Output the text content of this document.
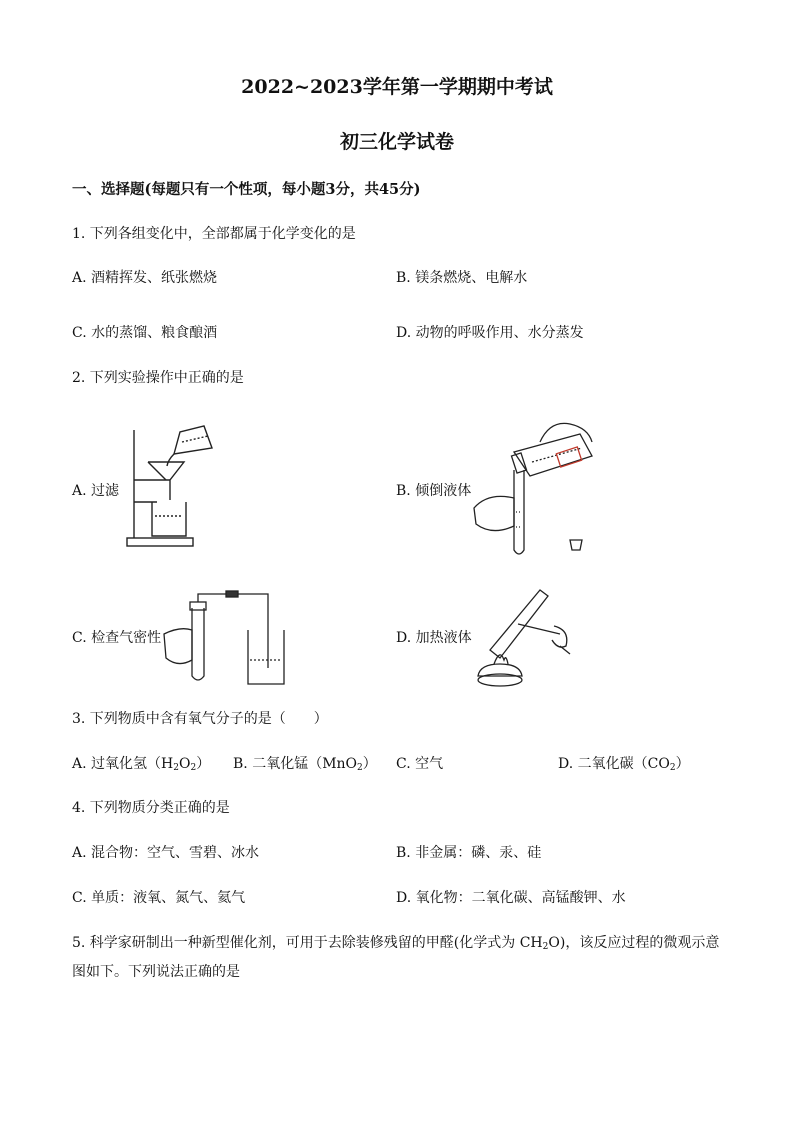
2022~2023学年第一学期期中考试
初三化学试卷
一、选择题(每题只有一个性项，每小题3分，共45分)
1. 下列各组变化中，全部都属于化学变化的是
A. 酒精挥发、纸张燃烧	B. 镁条燃烧、电解水
C. 水的蒸馏、粮食酿酒	D. 动物的呼吸作用、水分蒸发
2. 下列实验操作中正确的是
A. 过滤	B. 倾倒液体
C. 检查气密性	D. 加热液体
3. 下列物质中含有氧气分子的是（　　）
A. 过氧化氢$(H_2O_2)$ B. 二氧化锰（MnO$_2$） C. 空气	D. 二氧化碳$(CO_2)$
4. 下列物质分类正确的是
A. 混合物：空气、雪碧、冰水	B. 非金属：磷、汞、硅
C. 单质：液氧、氮气、氦气	D. 氧化物：二氧化碳、高锰酸钾、水
5. 科学家研制出一种新型催化剂，可用于去除装修残留的甲醛(化学式为 $CH_2O$)，该反应过程的微观示意
图如下。下列说法正确的是
